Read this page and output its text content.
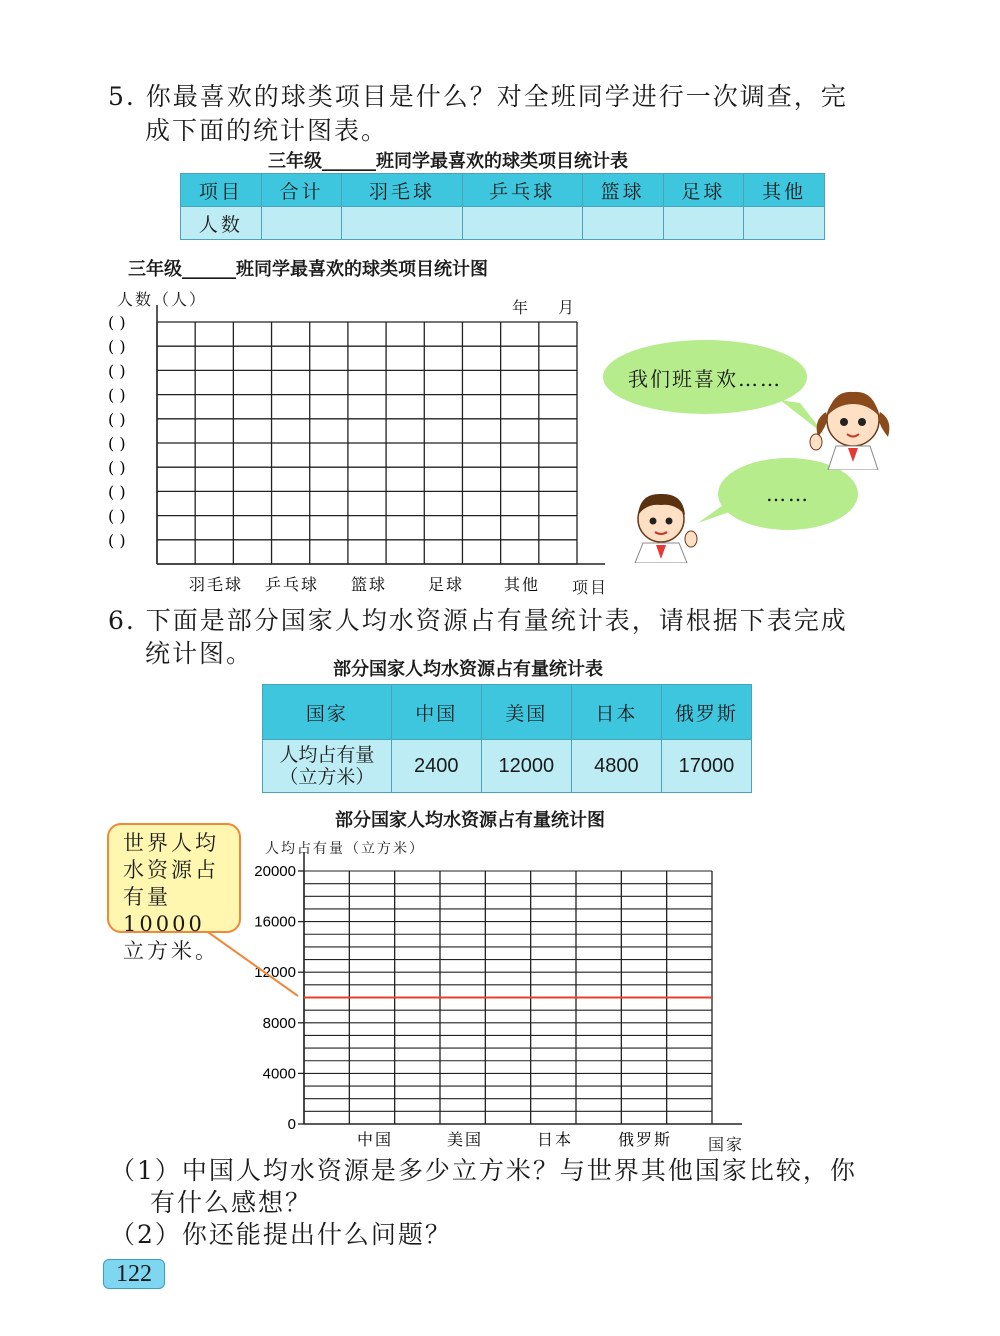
5. 你最喜欢的球类项目是什么？对全班同学进行一次调查，完
成下面的统计图表。
三年级______班同学最喜欢的球类项目统计表
项目	合计	羽毛球	乒乓球	篮球	足球	其他
人数						
三年级______班同学最喜欢的球类项目统计图
人数（人）	年 月
( )
( )
( )
( )
( )
( )
( )
( )
( )
( )
羽毛球 乒乓球 篮球	足球 其他 项目
我们班喜欢……
……
6. 下面是部分国家人均水资源占有量统计表，请根据下表完成
统计图。
部分国家人均水资源占有量统计表
国家	中国	美国	日本	俄罗斯

人均占有量
（立方米）	2400	12000	4800	17000
部分国家人均水资源占有量统计图
人均占有量（立方米）
0
4000
8000
12000
16000
20000
中国	美国	日本	俄罗斯 国家
世界人均
水资源占
有量10000
立方米。
（1）中国人均水资源是多少立方米？与世界其他国家比较，你
有什么感想？
（2）你还能提出什么问题？
122
